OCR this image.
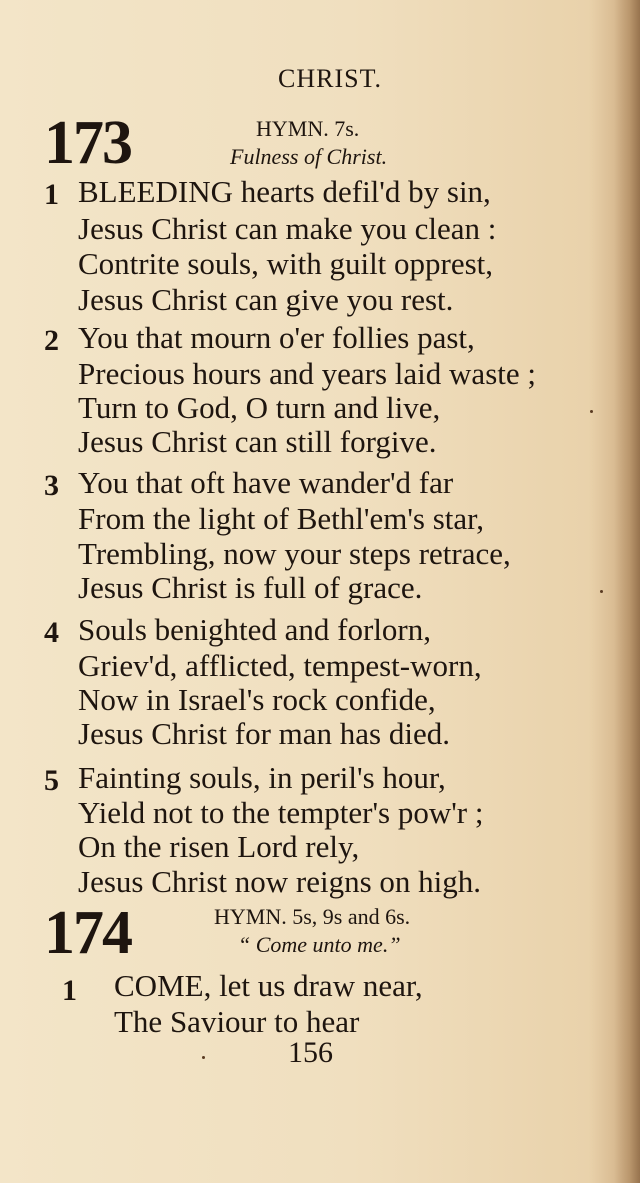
CHRIST.
173	HYMN. 7s.
Fulness of Christ.
1 BLEEDING hearts defil'd by sin,
Jesus Christ can make you clean :
Contrite souls, with guilt opprest,
Jesus Christ can give you rest.
2 You that mourn o'er follies past,
Precious hours and years laid waste ;
Turn to God, O turn and live,
Jesus Christ can still forgive.
3 You that oft have wander'd far
From the light of Bethl'em's star,
Trembling, now your steps retrace,
Jesus Christ is full of grace.
4 Souls benighted and forlorn,
Griev'd, afflicted, tempest-worn,
Now in Israel's rock confide,
Jesus Christ for man has died.
5 Fainting souls, in peril's hour,
Yield not to the tempter's pow'r ;
On the risen Lord rely,
Jesus Christ now reigns on high.
174	HYMN. 5s, 9s and 6s.
“ Come unto me.”
1 COME, let us draw near,
The Saviour to hear
156
